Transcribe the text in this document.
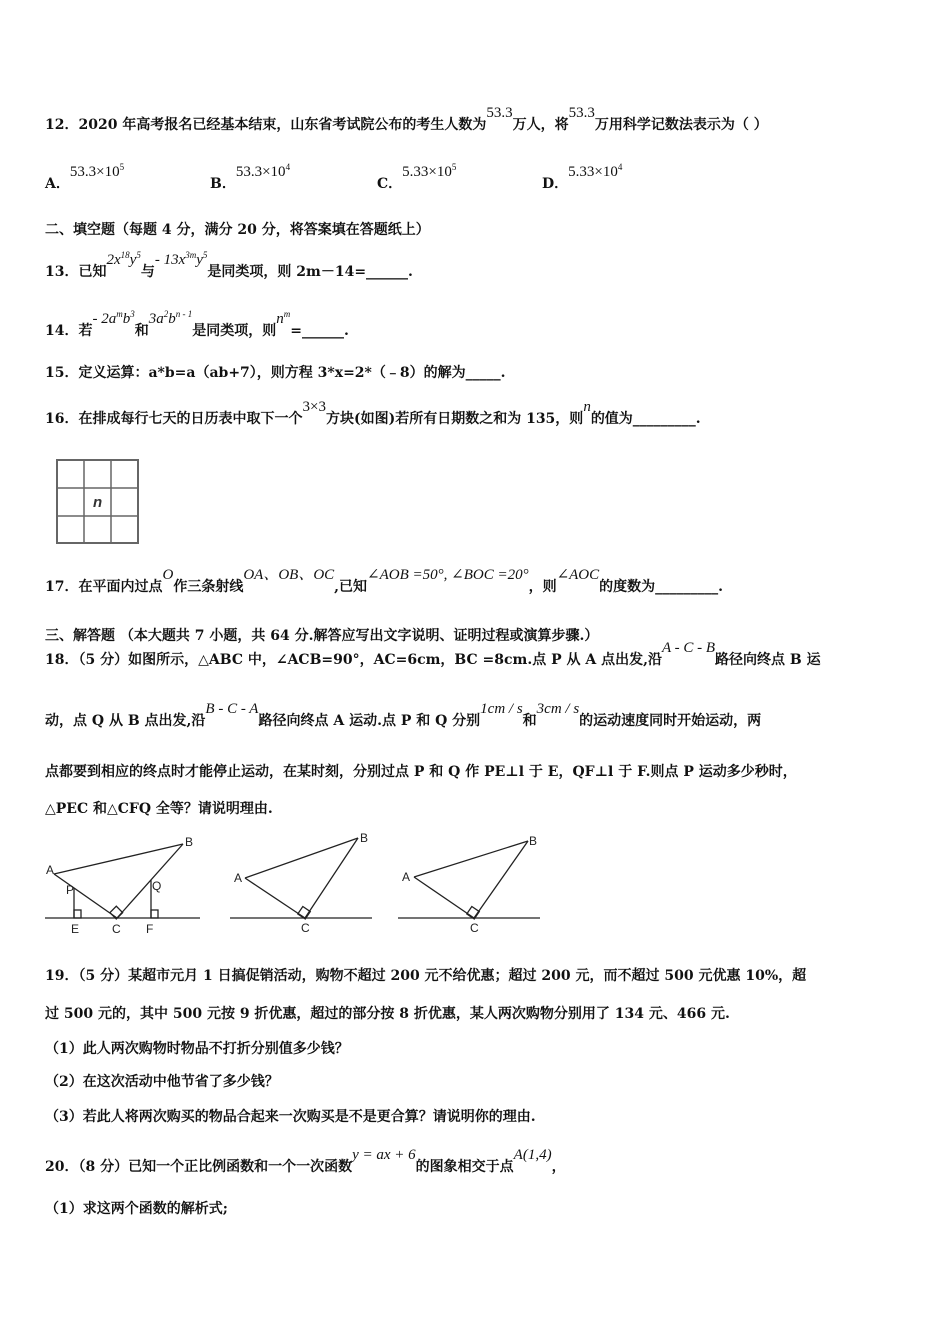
12．2020 年高考报名已经基本结束，山东省考试院公布的考生人数为53.3万人，将53.3万用科学记数法表示为（ ）
A．$53.3\times 10^5$
B．$53.3\times 10^4$
C．$5.33\times 10^5$
D．$5.33\times 10^4$
二、填空题（每题 4 分，满分 20 分，将答案填在答题纸上）
13．已知$2x^{18}y^5$与- $13x^{3m}y^5$是同类项，则 2m－14=______.
14．若- $2a^mb^3$和$3a^2b^{n - 1}$是同类项，则$n^m=\_\_\_\_\_\_$.
15．定义运算：a*b=a（ab+7），则方程 3*x=2*（﹣8）的解为_____.
16．在排成每行七天的日历表中取下一个3×3方块(如图)若所有日期数之和为 135，则n的值为_________.
n
17．在平面内过点O作三条射线OA、OB、OC,已知∠AOB =50°, ∠BOC =20°，则∠AOC的度数为_________.
三、解答题 （本大题共 7 小题，共 64 分.解答应写出文字说明、证明过程或演算步骤.）
18．（5 分）如图所示，△ABC 中，∠ACB=90°，AC=6cm，BC =8cm.点 P 从 A 点出发,沿A - C - B路径向终点 B 运
动，点 Q 从 B 点出发,沿B - C - A路径向终点 A 运动.点 P 和 Q 分别1cm / s和3cm / s的运动速度同时开始运动，两
点都要到相应的终点时才能停止运动，在某时刻，分别过点 P 和 Q 作 PE⊥l 于 E，QF⊥l 于 F.则点 P 运动多少秒时，
△PEC 和△CFQ 全等？请说明理由.
A
B
C
P	Q
E	F
A
B
C
A
B
C
19．（5 分）某超市元月 1 日搞促销活动，购物不超过 200 元不给优惠；超过 200 元，而不超过 500 元优惠 10%，超
过 500 元的，其中 500 元按 9 折优惠，超过的部分按 8 折优惠，某人两次购物分别用了 134 元、466 元.
（1）此人两次购物时物品不打折分别值多少钱？
（2）在这次活动中他节省了多少钱？
（3）若此人将两次购买的物品合起来一次购买是不是更合算？请说明你的理由.
20．（8 分）已知一个正比例函数和一个一次函数y = ax + 6的图象相交于点A(1,4)，
（1）求这两个函数的解析式;
